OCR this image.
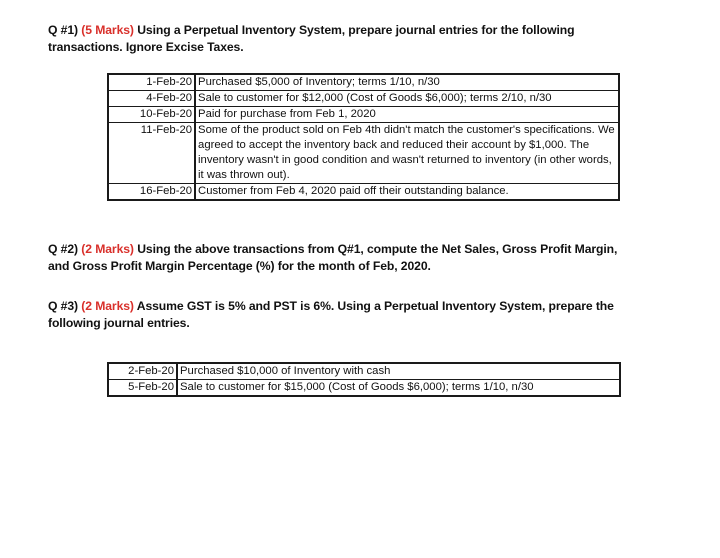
Q #1) (5 Marks) Using a Perpetual Inventory System, prepare journal entries for the following transactions. Ignore Excise Taxes.
1-Feb-20	Purchased $5,000 of Inventory; terms 1/10, n/30
4-Feb-20	Sale to customer for $12,000 (Cost of Goods $6,000); terms 2/10, n/30
10-Feb-20	Paid for purchase from Feb 1, 2020
11-Feb-20	Some of the product sold on Feb 4th didn't match the customer's specifications. We agreed to accept the inventory back and reduced their account by $1,000. The inventory wasn't in good condition and wasn't returned to inventory (in other words, it was thrown out).
16-Feb-20	Customer from Feb 4, 2020 paid off their outstanding balance.
Q #2) (2 Marks) Using the above transactions from Q#1, compute the Net Sales, Gross Profit Margin, and Gross Profit Margin Percentage (%) for the month of Feb, 2020.
Q #3) (2 Marks) Assume GST is 5% and PST is 6%. Using a Perpetual Inventory System, prepare the following journal entries.
2-Feb-20	Purchased $10,000 of Inventory with cash
5-Feb-20	Sale to customer for $15,000 (Cost of Goods $6,000); terms 1/10, n/30
